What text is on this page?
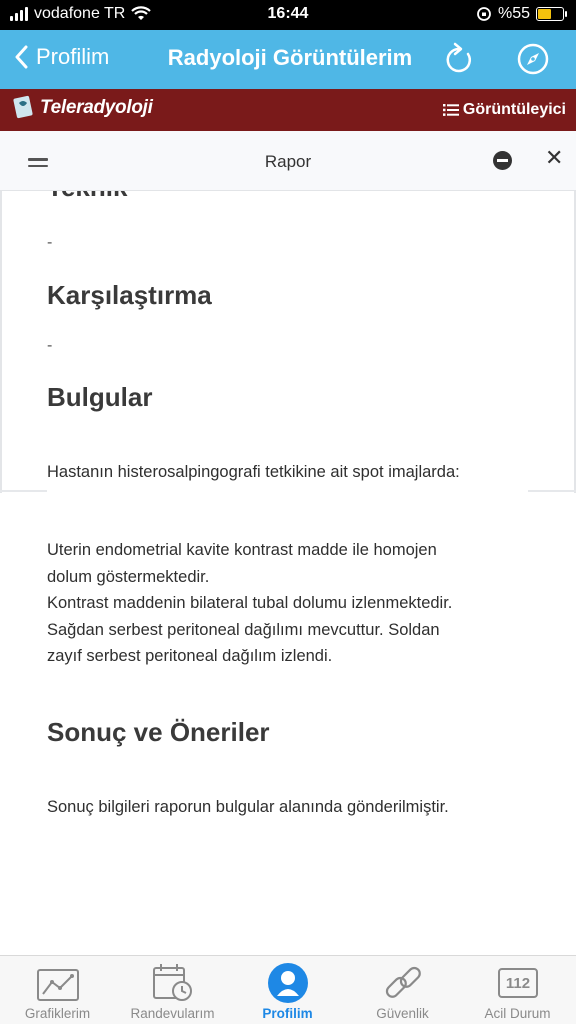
vodafone TR	16:44	%55
Profilim	Radyoloji Görüntülerim
Teleradyoloji	Görüntüleyici
Rapor	✕
-
Karşılaştırma
-
Bulgular
Hastanın histerosalpingografi tetkikine ait spot imajlarda:
Uterin endometrial kavite kontrast madde ile homojen
dolum göstermektedir.
Kontrast maddenin bilateral tubal dolumu izlenmektedir.
Sağdan serbest peritoneal dağılımı mevcuttur. Soldan
zayıf serbest peritoneal dağılım izlendi.
Sonuç ve Öneriler
Sonuç bilgileri raporun bulgular alanında gönderilmiştir.
Grafiklerim	Randevularım	Profilim	Güvenlik
112
Acil Durum
